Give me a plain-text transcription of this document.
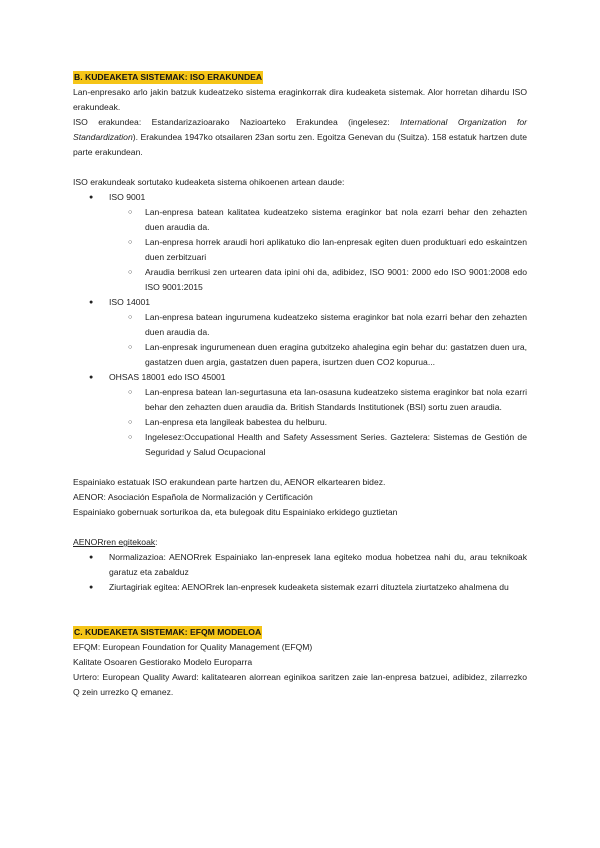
B. KUDEAKETA SISTEMAK: ISO ERAKUNDEA

Lan-enpresako arlo jakin batzuk kudeatzeko sistema eraginkorrak dira kudeaketa sistemak. Alor horretan dihardu ISO erakundeak.

ISO erakundea: Estandarizazioarako Nazioarteko Erakundea (ingelesez: International Organization for Standardization). Erakundea 1947ko otsailaren 23an sortu zen. Egoitza Genevan du (Suitza). 158 estatuk hartzen dute parte erakundean.

ISO erakundeak sortutako kudeaketa sistema ohikoenen artean daude:

● ISO 9001
○ Lan-enpresa batean kalitatea kudeatzeko sistema eraginkor bat nola ezarri behar den zehazten duen araudia da.
○ Lan-enpresa horrek araudi hori aplikatuko dio lan-enpresak egiten duen produktuari edo eskaintzen duen zerbitzuari
○ Araudia berrikusi zen urtearen data ipini ohi da, adibidez, ISO 9001: 2000 edo ISO 9001:2008 edo ISO 9001:2015
● ISO 14001
○ Lan-enpresa batean ingurumena kudeatzeko sistema eraginkor bat nola ezarri behar den zehazten duen araudia da.
○ Lan-enpresak ingurumenean duen eragina gutxitzeko ahalegina egin behar du: gastatzen duen ura, gastatzen duen argia, gastatzen duen papera, isurtzen duen CO2 kopurua...
● OHSAS 18001 edo ISO 45001
○ Lan-enpresa batean lan-segurtasuna eta lan-osasuna kudeatzeko sistema eraginkor bat nola ezarri behar den zehazten duen araudia da. British Standards Institutionek (BSI) sortu zuen araudia.
○ Lan-enpresa eta langileak babestea du helburu.
○ Ingelesez:Occupational Health and Safety Assessment Series. Gaztelera: Sistemas de Gestión de Seguridad y Salud Ocupacional

Espainiako estatuak ISO erakundean parte hartzen du, AENOR elkartearen bidez.

AENOR: Asociación Española de Normalización y Certificación

Espainiako gobernuak sorturikoa da, eta bulegoak ditu Espainiako erkidego guztietan

AENORren egitekoak:

● Normalizazioa: AENORrek Espainiako lan-enpresek lana egiteko modua hobetzea nahi du, arau teknikoak garatuz eta zabalduz
● Ziurtagiriak egitea: AENORrek lan-enpresek kudeaketa sistemak ezarri dituztela ziurtatzeko ahalmena du
C. KUDEAKETA SISTEMAK: EFQM MODELOA

EFQM: European Foundation for Quality Management (EFQM)

Kalitate Osoaren Gestiorako Modelo Europarra

Urtero: European Quality Award: kalitatearen alorrean eginikoa saritzen zaie lan-enpresa batzuei, adibidez, zilarrezko Q zein urrezko Q emanez.
